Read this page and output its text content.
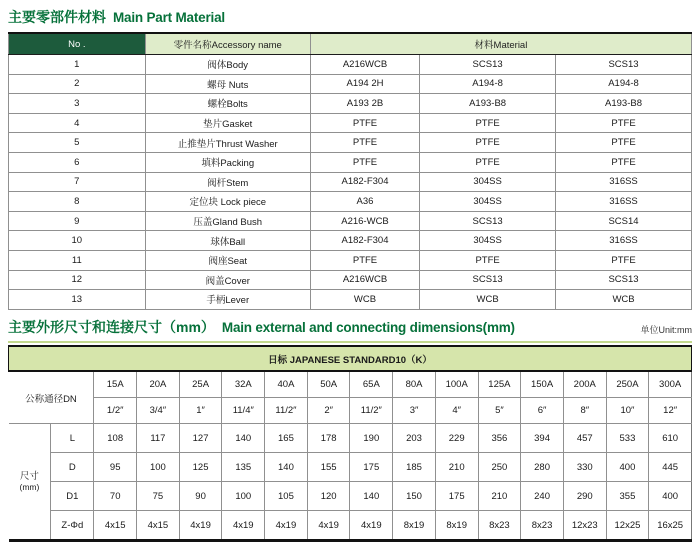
主要零部件材料 Main Part Material
No .	零件名称Accessory name	材料Material		
1	阀体Body	A216WCB	SCS13	SCS13
2	螺母 Nuts	A194 2H	A194-8	A194-8
3	螺栓Bolts	A193 2B	A193-B8	A193-B8
4	垫片Gasket	PTFE	PTFE	PTFE
5	止推垫片Thrust Washer	PTFE	PTFE	PTFE
6	填料Packing	PTFE	PTFE	PTFE
7	阀杆Stem	A182-F304	304SS	316SS
8	定位块 Lock piece	A36	304SS	316SS
9	压盖Gland Bush	A216-WCB	SCS13	SCS14
10	球体Ball	A182-F304	304SS	316SS
11	阀座Seat	PTFE	PTFE	PTFE
12	阀盖Cover	A216WCB	SCS13	SCS13
13	手柄Lever	WCB	WCB	WCB
主要外形尺寸和连接尺寸（mm） Main external and connecting dimensions(mm)	单位Unit:mm
日标 JAPANESE STANDARD10（K）															
公称通径DN		15A	20A	25A	32A	40A	50A	65A	80A	100A	125A	150A	200A	250A	300A
		1/2″	3/4″	1″	11/4″	11/2″	2″	11/2″	3″	4″	5″	6″	8″	10″	12″

尺寸
(mm)	L	108	117	127	140	165	178	190	203	229	356	394	457	533	610
	D	95	100	125	135	140	155	175	185	210	250	280	330	400	445
	D1	70	75	90	100	105	120	140	150	175	210	240	290	355	400
	Z-Φd	4x15	4x15	4x19	4x19	4x19	4x19	4x19	8x19	8x19	8x23	8x23	12x23	12x25	16x25
